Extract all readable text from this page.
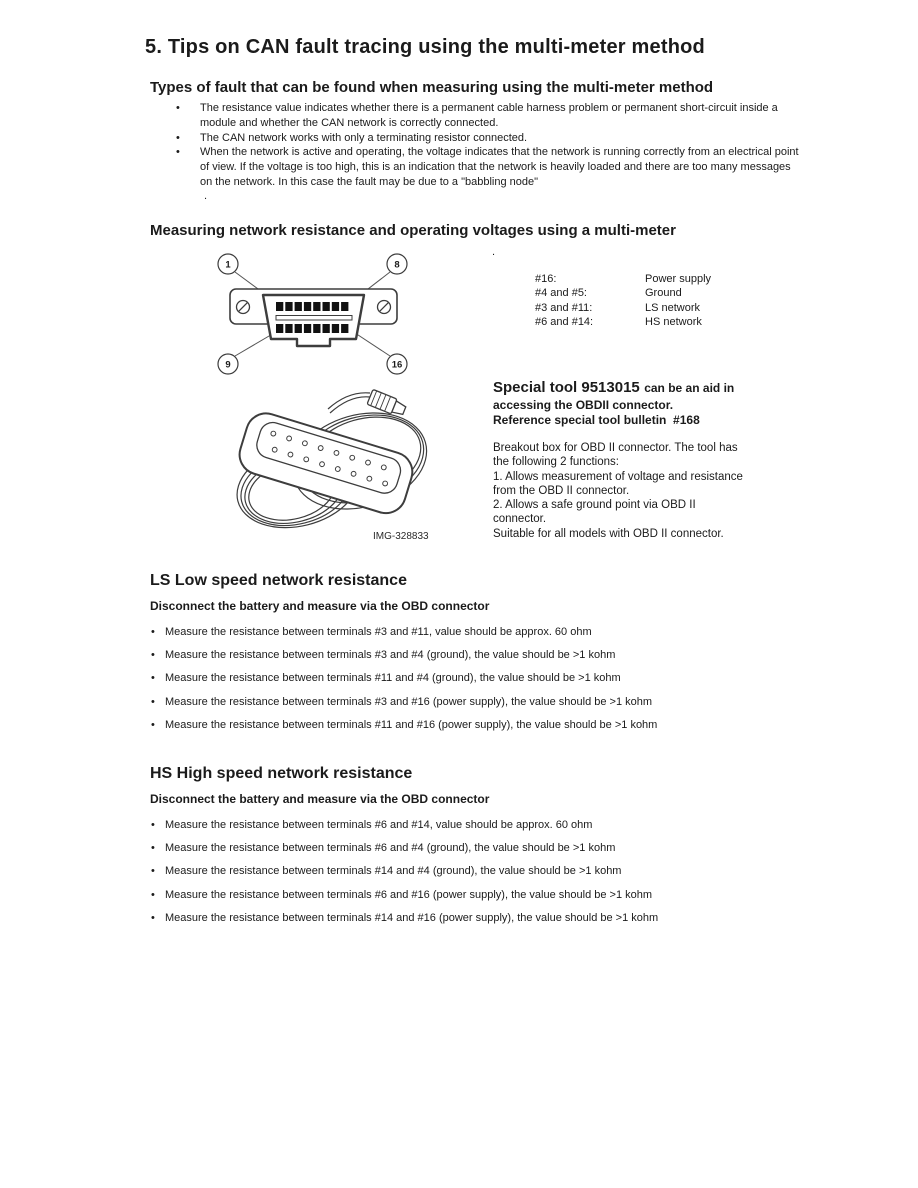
5. Tips on CAN fault tracing using the multi-meter method
Types of fault that can be found when measuring using the multi-meter method
•	The resistance value indicates whether there is a permanent cable harness problem or permanent short-circuit inside a module and whether the CAN network is correctly connected.
•	The CAN network works with only a terminating resistor connected.
•	When the network is active and operating, the voltage indicates that the network is running correctly from an electrical point of view. If the voltage is too high, this is an indication that the network is heavily loaded and there are too many messages on the network. In this case the fault may be due to a "babbling node"
.
Measuring network resistance and operating voltages using a multi-meter
.
1	8
9	16
#16:	Power supply
#4 and #5:	Ground
#3 and #11:	LS network
#6 and #14:	HS network
IMG-328833
Special tool 9513015 can be an aid in accessing the OBDII connector.
Reference special tool bulletin  #168
Breakout box for OBD II connector. The tool has the following 2 functions:
1. Allows measurement of voltage and resistance from the OBD II connector.
2. Allows a safe ground point via OBD II connector.
Suitable for all models with OBD II connector.
LS Low speed network resistance
Disconnect the battery and measure via the OBD connector
• Measure the resistance between terminals #3 and #11, value should be approx. 60 ohm
• Measure the resistance between terminals #3 and #4 (ground), the value should be >1 kohm
• Measure the resistance between terminals #11 and #4 (ground), the value should be >1 kohm
• Measure the resistance between terminals #3 and #16 (power supply), the value should be >1 kohm
• Measure the resistance between terminals #11 and #16 (power supply), the value should be >1 kohm
HS High speed network resistance
Disconnect the battery and measure via the OBD connector
• Measure the resistance between terminals #6 and #14, value should be approx. 60 ohm
• Measure the resistance between terminals #6 and #4 (ground), the value should be >1 kohm
• Measure the resistance between terminals #14 and #4 (ground), the value should be >1 kohm
• Measure the resistance between terminals #6 and #16 (power supply), the value should be >1 kohm
• Measure the resistance between terminals #14 and #16 (power supply), the value should be >1 kohm
